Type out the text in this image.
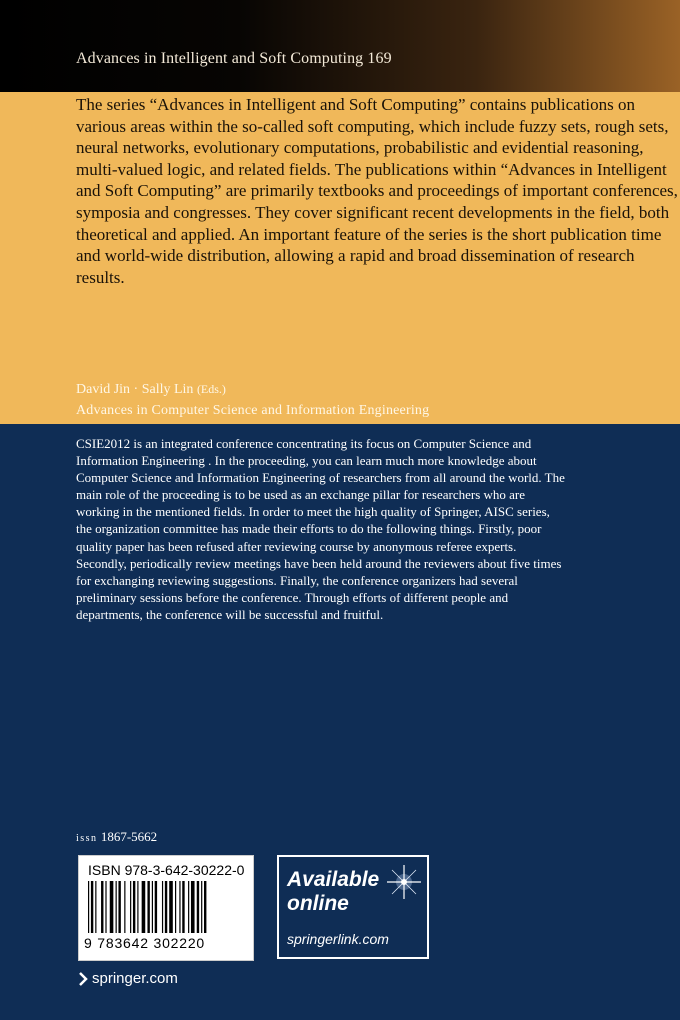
Advances in Intelligent and Soft Computing 169

The series “Advances in Intelligent and Soft Computing” contains publications on various areas within the so-called soft computing, which include fuzzy sets, rough sets, neural networks, evolutionary computations, probabilistic and evidential reasoning, multi-valued logic, and related fields. The publications within “Advances in Intelligent and Soft Computing” are primarily textbooks and proceedings of important conferences, symposia and congresses. They cover significant recent developments in the field, both theoretical and applied. An important feature of the series is the short publication time and world-wide distribution, allowing a rapid and broad dissemination of research results.

David Jin · Sally Lin (Eds.)
Advances in Computer Science and Information Engineering

CSIE2012 is an integrated conference concentrating its focus on Computer Science and Information Engineering . In the proceeding, you can learn much more knowledge about Computer Science and Information Engineering of researchers from all around the world. The main role of the proceeding is to be used as an exchange pillar for researchers who are working in the mentioned fields. In order to meet the high quality of Springer, AISC series, the organization committee has made their efforts to do the following things. Firstly, poor quality paper has been refused after reviewing course by anonymous referee experts. Secondly, periodically review meetings have been held around the reviewers about five times for exchanging reviewing suggestions. Finally, the conference organizers had several preliminary sessions before the conference. Through efforts of different people and departments, the conference will be successful and fruitful.

issn 1867-5662
ISBN 978-3-642-30222-0
9 783642 302220
Available online
springerlink.com
springer.com
